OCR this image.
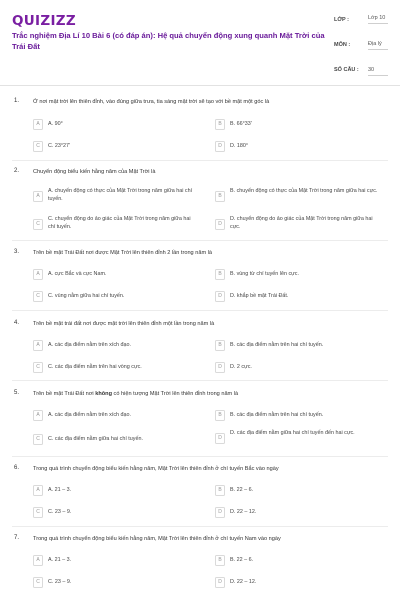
QUIZIZZ
Trắc nghiệm Địa Lí 10 Bài 6 (có đáp án): Hệ quả chuyển động xung quanh Mặt Trời của Trái Đất
LỚP :	Lớp 10
MÔN :	Địa lý
SỐ CÂU : 30
1. Ở nơi mặt trời lên thiên đỉnh, vào đúng giữa trưa, tia sáng mặt trời sẽ tạo với bề mặt một góc là
A	A. 90°	B	B. 66°33'
C	C. 23°27'	D	D. 180°
2. Chuyển động biểu kiến hằng năm của Mặt Trời là
A
A. chuyển động có thực của Mặt Trời trong năm giữa hai chí tuyến.	B
B. chuyển động có thực của Mặt Trời trong năm giữa hai cực.
C
C. chuyển động do ảo giác của Mặt Trời trong năm giữa hai chí tuyến.	D
D. chuyển động do ảo giác của Mặt Trời trong năm giữa hai cực.
3. Trên bề mặt Trái Đất nơi được Mặt Trời lên thiên đỉnh 2 lần trong năm là
A	A. cực Bắc và cực Nam.	B	B. vùng từ chí tuyến lên cực.
C	C. vùng nằm giữa hai chí tuyến.	D	D. khắp bề mặt Trái Đất.
4. Trên bề mặt trái đất nơi được mặt trời lên thiên đỉnh một lần trong năm là
A	A. các địa điểm nằm trên xích đạo.	B	B. các địa điểm nằm trên hai chí tuyến.
C	C. các địa điểm nằm trên hai vòng cực.	D	D. 2 cực.
5. Trên bề mặt Trái Đất nơi không có hiện tượng Mặt Trời lên thiên đỉnh trong năm là
A	A. các địa điểm nằm trên xích đạo.	B	B. các địa điểm nằm trên hai chí tuyến.
C	C. các địa điểm nằm giữa hai chí tuyến.	D
D. các địa điểm nằm giữa hai chí tuyến đến hai cực.
6. Trong quá trình chuyển động biểu kiến hằng năm, Mặt Trời lên thiên đỉnh ở chí tuyến Bắc vào ngày
A	A. 21 – 3.	B	B. 22 – 6.
C	C. 23 – 9.	D	D. 22 – 12.
7. Trong quá trình chuyển động biểu kiến hằng năm, Mặt Trời lên thiên đỉnh ở chí tuyến Nam vào ngày
A	A. 21 – 3.	B	B. 22 – 6.
C	C. 23 – 9.	D	D. 22 – 12.
